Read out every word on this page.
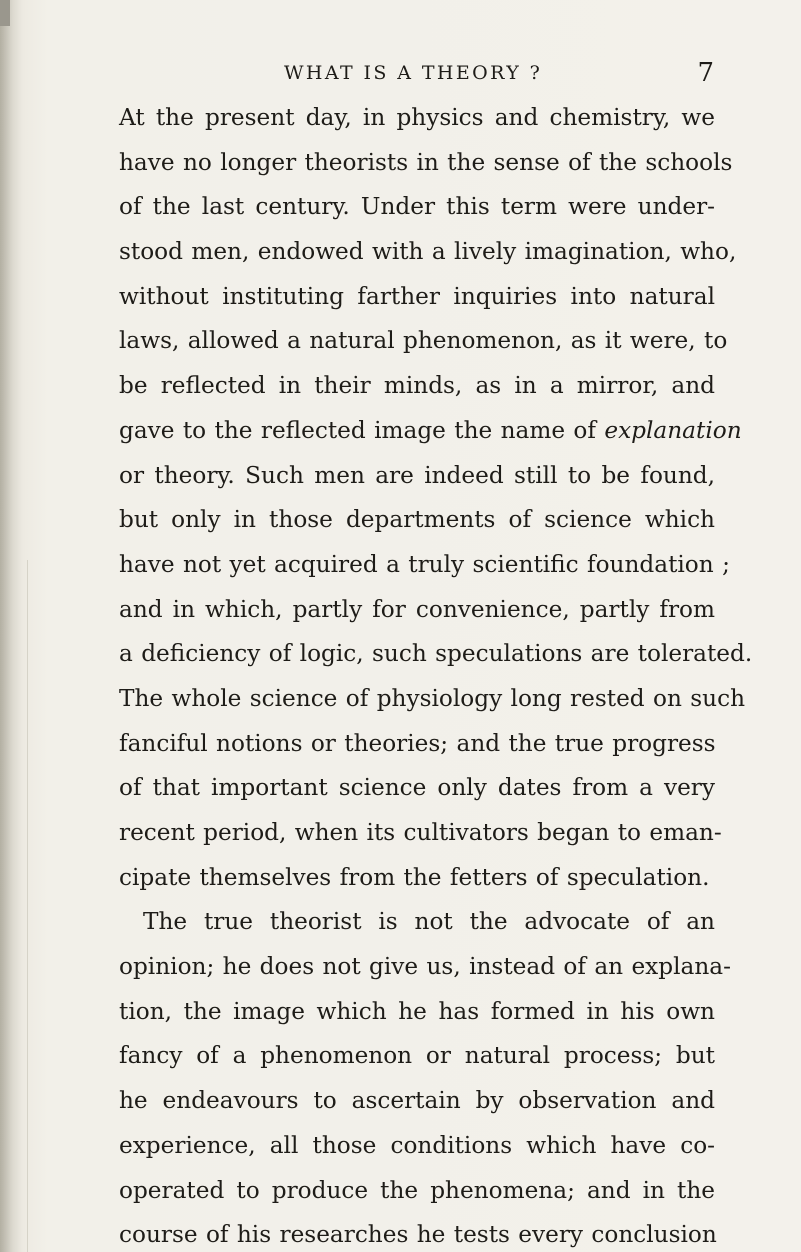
WHAT IS A THEORY ?	7
At the present day, in physics and chemistry, we
have no longer theorists in the sense of the schools
of the last century. Under this term were under-
stood men, endowed with a lively imagination, who,
without instituting farther inquiries into natural
laws, allowed a natural phenomenon, as it were, to
be reflected in their minds, as in a mirror, and
gave to the reflected image the name of explanation
or theory. Such men are indeed still to be found,
but only in those departments of science which
have not yet acquired a truly scientific foundation ;
and in which, partly for convenience, partly from
a deficiency of logic, such speculations are tolerated.
The whole science of physiology long rested on such
fanciful notions or theories; and the true progress
of that important science only dates from a very
recent period, when its cultivators began to eman-
cipate themselves from the fetters of speculation.
The true theorist is not the advocate of an
opinion; he does not give us, instead of an explana-
tion, the image which he has formed in his own
fancy of a phenomenon or natural process; but
he endeavours to ascertain by observation and
experience, all those conditions which have co-
operated to produce the phenomena; and in the
course of his researches he tests every conclusion
